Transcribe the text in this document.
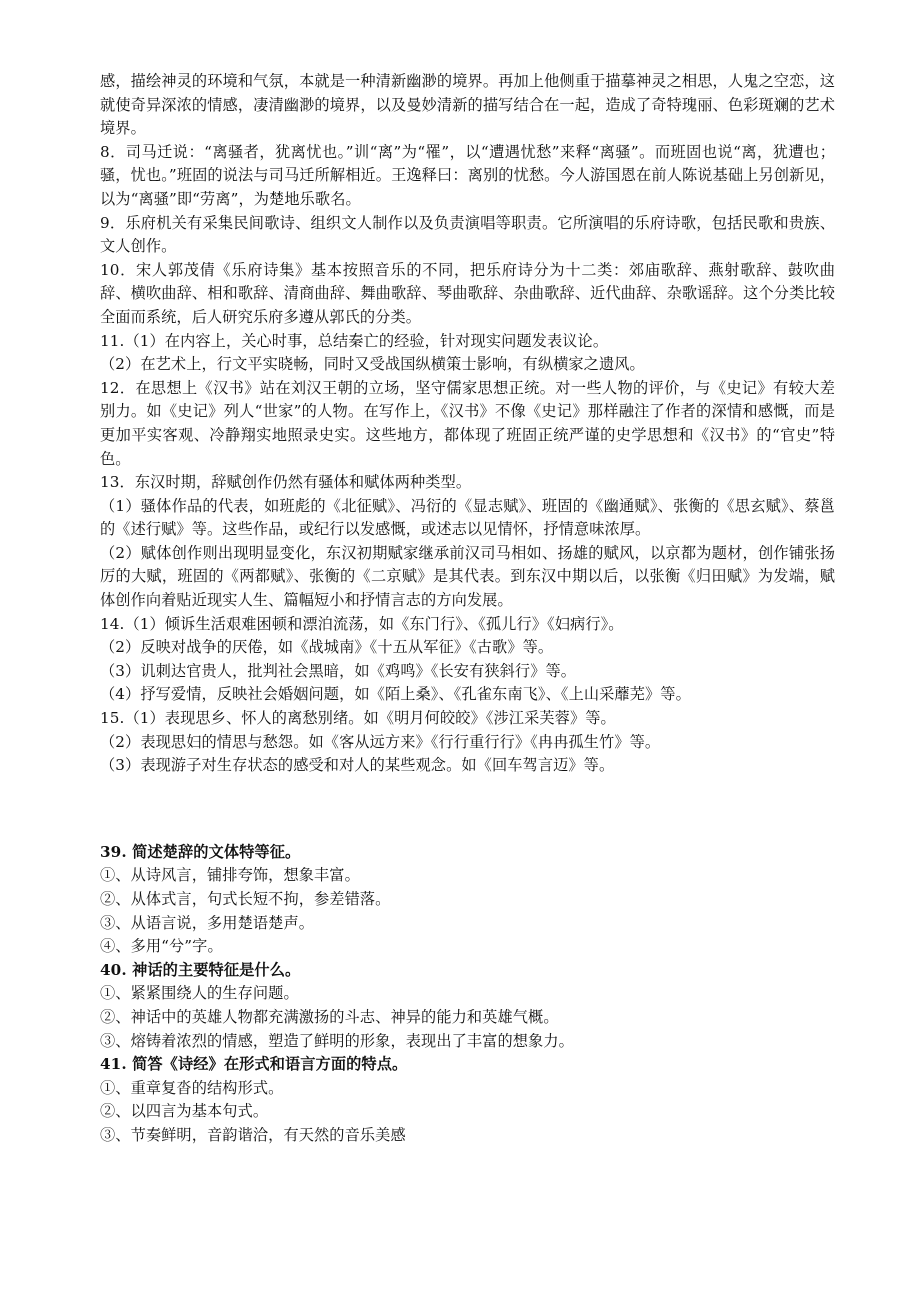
感，描绘神灵的环境和气氛，本就是一种清新幽渺的境界。再加上他侧重于描摹神灵之相思，人鬼之空恋，这就使奇异深浓的情感，凄清幽渺的境界，以及曼妙清新的描写结合在一起，造成了奇特瑰丽、色彩斑斓的艺术境界。

8．司马迁说：“离骚者，犹离忧也。”训“离”为“罹”，以“遭遇忧愁”来释“离骚”。而班固也说“离，犹遭也；骚，忧也。”班固的说法与司马迁所解相近。王逸释曰：离别的忧愁。今人游国恩在前人陈说基础上另创新见，以为“离骚”即“劳离”，为楚地乐歌名。

9．乐府机关有采集民间歌诗、组织文人制作以及负责演唱等职责。它所演唱的乐府诗歌，包括民歌和贵族、文人创作。

10．宋人郭茂倩《乐府诗集》基本按照音乐的不同，把乐府诗分为十二类：郊庙歌辞、燕射歌辞、鼓吹曲辞、横吹曲辞、相和歌辞、清商曲辞、舞曲歌辞、琴曲歌辞、杂曲歌辞、近代曲辞、杂歌谣辞。这个分类比较全面而系统，后人研究乐府多遵从郭氏的分类。

11.（1）在内容上，关心时事，总结秦亡的经验，针对现实问题发表议论。

（2）在艺术上，行文平实晓畅，同时又受战国纵横策士影响，有纵横家之遗风。

12．在思想上《汉书》站在刘汉王朝的立场，坚守儒家思想正统。对一些人物的评价，与《史记》有较大差别力。如《史记》列人“世家”的人物。在写作上，《汉书》不像《史记》那样融注了作者的深情和感慨，而是更加平实客观、冷静翔实地照录史实。这些地方，都体现了班固正统严谨的史学思想和《汉书》的“官史”特色。

13．东汉时期，辞赋创作仍然有骚体和赋体两种类型。

（1）骚体作品的代表，如班彪的《北征赋》、冯衍的《显志赋》、班固的《幽通赋》、张衡的《思玄赋》、蔡邕的《述行赋》等。这些作品，或纪行以发感慨，或述志以见情怀，抒情意味浓厚。

（2）赋体创作则出现明显变化，东汉初期赋家继承前汉司马相如、扬雄的赋风，以京都为题材，创作铺张扬厉的大赋，班固的《两都赋》、张衡的《二京赋》是其代表。到东汉中期以后，以张衡《归田赋》为发端，赋体创作向着贴近现实人生、篇幅短小和抒情言志的方向发展。

14.（1）倾诉生活艰难困顿和漂泊流荡，如《东门行》、《孤儿行》《妇病行》。

（2）反映对战争的厌倦，如《战城南》《十五从军征》《古歌》等。

（3）讥刺达官贵人，批判社会黑暗，如《鸡鸣》《长安有狭斜行》等。

（4）抒写爱情，反映社会婚姻问题，如《陌上桑》、《孔雀东南飞》、《上山采蘼芜》等。

15.（1）表现思乡、怀人的离愁别绪。如《明月何皎皎》《涉江采芙蓉》等。

（2）表现思妇的情思与愁怨。如《客从远方来》《行行重行行》《冉冉孤生竹》等。

（3）表现游子对生存状态的感受和对人的某些观念。如《回车驾言迈》等。

39. 简述楚辞的文体特等征。

①、从诗风言，铺排夸饰，想象丰富。

②、从体式言，句式长短不拘，参差错落。

③、从语言说，多用楚语楚声。

④、多用“兮”字。

40. 神话的主要特征是什么。

①、紧紧围绕人的生存问题。

②、神话中的英雄人物都充满激扬的斗志、神异的能力和英雄气概。

③、熔铸着浓烈的情感，塑造了鲜明的形象，表现出了丰富的想象力。

41. 简答《诗经》在形式和语言方面的特点。

①、重章复沓的结构形式。

②、以四言为基本句式。

③、节奏鲜明，音韵谐洽，有天然的音乐美感
